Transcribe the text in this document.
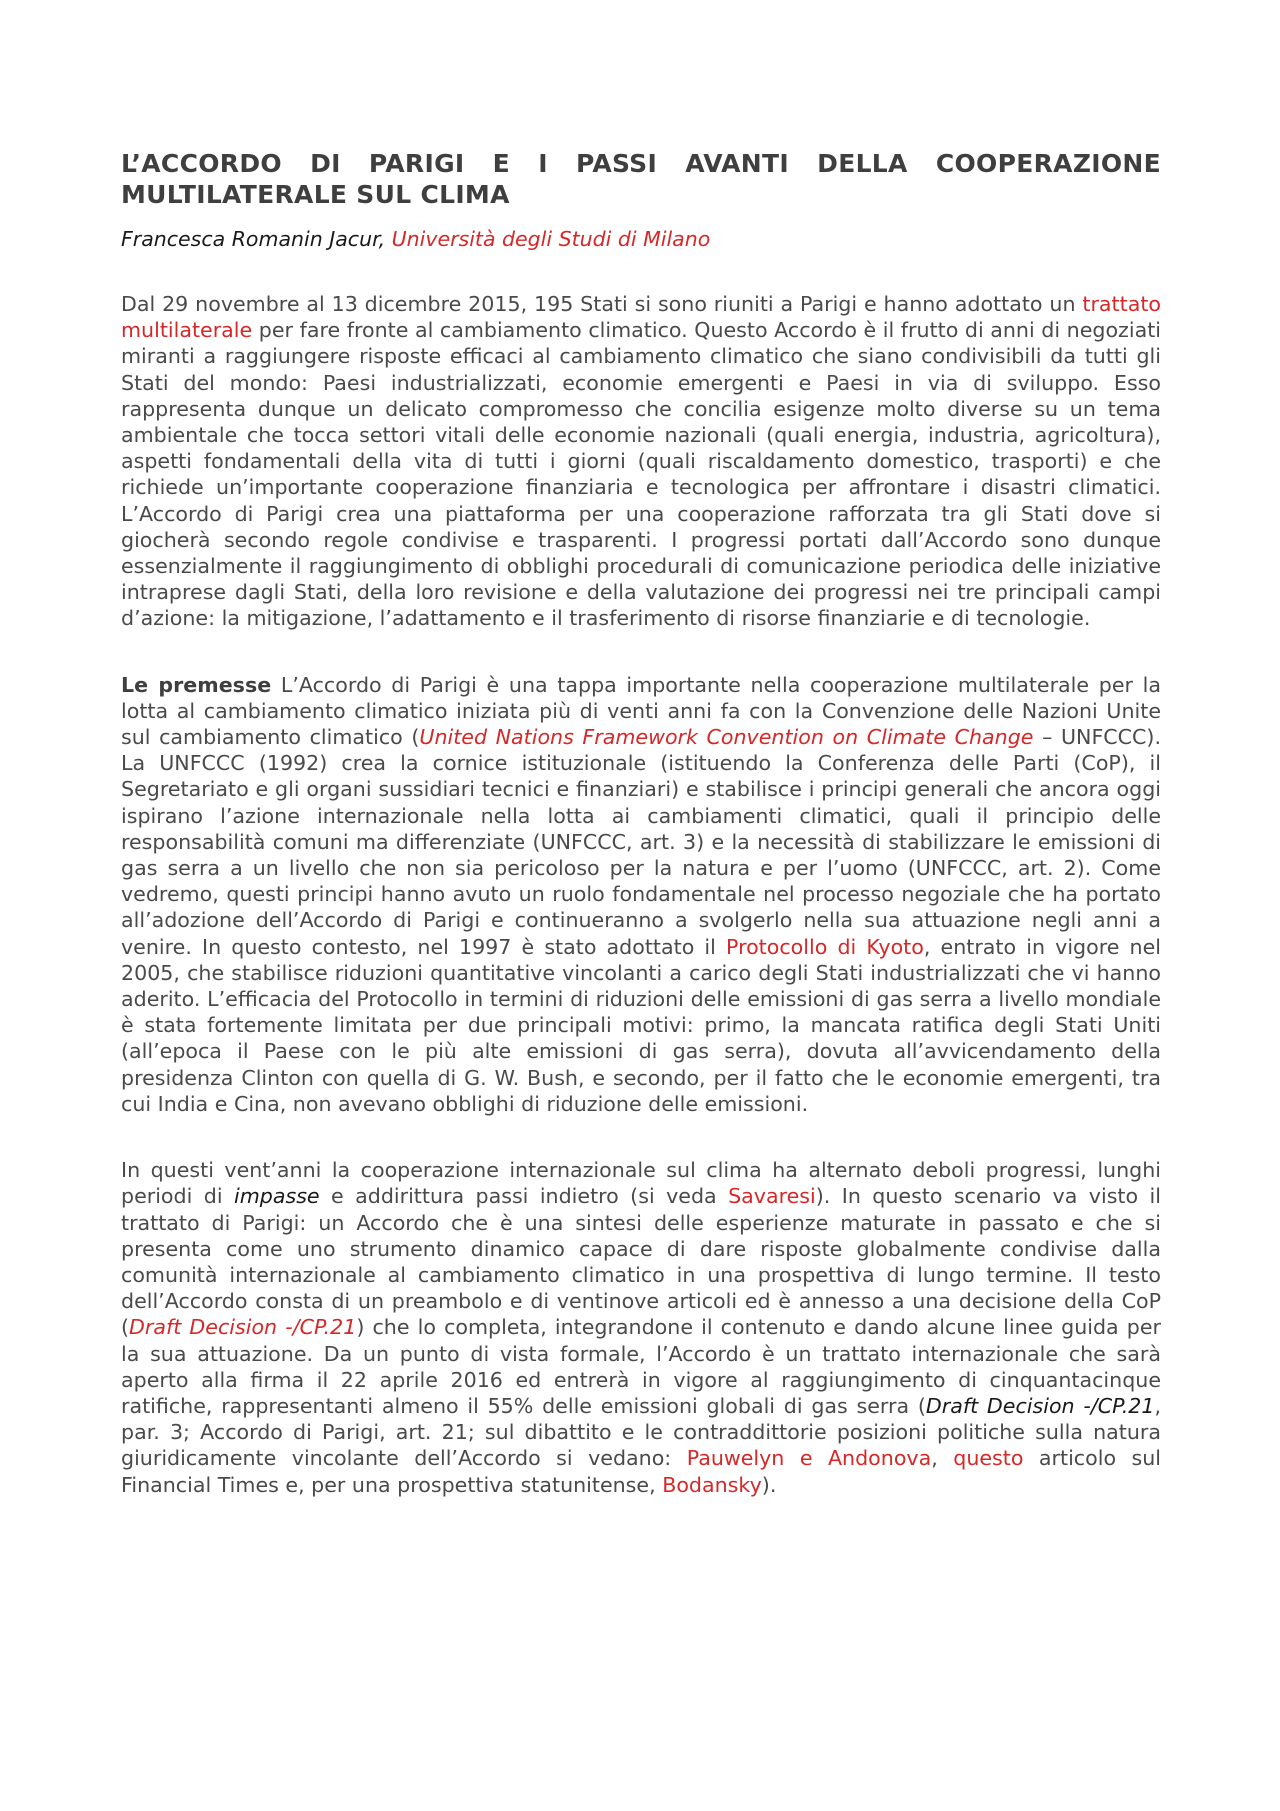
L’ACCORDO DI PARIGI E I PASSI AVANTI DELLA COOPERAZIONE MULTILATERALE SUL CLIMA
Francesca Romanin Jacur, Università degli Studi di Milano

Dal 29 novembre al 13 dicembre 2015, 195 Stati si sono riuniti a Parigi e hanno adottato un trattato multilaterale per fare fronte al cambiamento climatico. Questo Accordo è il frutto di anni di negoziati miranti a raggiungere risposte efficaci al cambiamento climatico che siano condivisibili da tutti gli Stati del mondo: Paesi industrializzati, economie emergenti e Paesi in via di sviluppo. Esso rappresenta dunque un delicato compromesso che concilia esigenze molto diverse su un tema ambientale che tocca settori vitali delle economie nazionali (quali energia, industria, agricoltura), aspetti fondamentali della vita di tutti i giorni (quali riscaldamento domestico, trasporti) e che richiede un’importante cooperazione finanziaria e tecnologica per affrontare i disastri climatici. L’Accordo di Parigi crea una piattaforma per una cooperazione rafforzata tra gli Stati dove si giocherà secondo regole condivise e trasparenti. I progressi portati dall’Accordo sono dunque essenzialmente il raggiungimento di obblighi procedurali di comunicazione periodica delle iniziative intraprese dagli Stati, della loro revisione e della valutazione dei progressi nei tre principali campi d’azione: la mitigazione, l’adattamento e il trasferimento di risorse finanziarie e di tecnologie.

Le premesse L’Accordo di Parigi è una tappa importante nella cooperazione multilaterale per la lotta al cambiamento climatico iniziata più di venti anni fa con la Convenzione delle Nazioni Unite sul cambiamento climatico (United Nations Framework Convention on Climate Change – UNFCCC). La UNFCCC (1992) crea la cornice istituzionale (istituendo la Conferenza delle Parti (CoP), il Segretariato e gli organi sussidiari tecnici e finanziari) e stabilisce i principi generali che ancora oggi ispirano l’azione internazionale nella lotta ai cambiamenti climatici, quali il principio delle responsabilità comuni ma differenziate (UNFCCC, art. 3) e la necessità di stabilizzare le emissioni di gas serra a un livello che non sia pericoloso per la natura e per l’uomo (UNFCCC, art. 2). Come vedremo, questi principi hanno avuto un ruolo fondamentale nel processo negoziale che ha portato all’adozione dell’Accordo di Parigi e continueranno a svolgerlo nella sua attuazione negli anni a venire. In questo contesto, nel 1997 è stato adottato il Protocollo di Kyoto, entrato in vigore nel 2005, che stabilisce riduzioni quantitative vincolanti a carico degli Stati industrializzati che vi hanno aderito. L’efficacia del Protocollo in termini di riduzioni delle emissioni di gas serra a livello mondiale è stata fortemente limitata per due principali motivi: primo, la mancata ratifica degli Stati Uniti (all’epoca il Paese con le più alte emissioni di gas serra), dovuta all’avvicendamento della presidenza Clinton con quella di G. W. Bush, e secondo, per il fatto che le economie emergenti, tra cui India e Cina, non avevano obblighi di riduzione delle emissioni.

In questi vent’anni la cooperazione internazionale sul clima ha alternato deboli progressi, lunghi periodi di impasse e addirittura passi indietro (si veda Savaresi). In questo scenario va visto il trattato di Parigi: un Accordo che è una sintesi delle esperienze maturate in passato e che si presenta come uno strumento dinamico capace di dare risposte globalmente condivise dalla comunità internazionale al cambiamento climatico in una prospettiva di lungo termine. Il testo dell’Accordo consta di un preambolo e di ventinove articoli ed è annesso a una decisione della CoP (Draft Decision -/CP.21) che lo completa, integrandone il contenuto e dando alcune linee guida per la sua attuazione. Da un punto di vista formale, l’Accordo è un trattato internazionale che sarà aperto alla firma il 22 aprile 2016 ed entrerà in vigore al raggiungimento di cinquantacinque ratifiche, rappresentanti almeno il 55% delle emissioni globali di gas serra (Draft Decision -/CP.21, par. 3; Accordo di Parigi, art. 21; sul dibattito e le contraddittorie posizioni politiche sulla natura giuridicamente vincolante dell’Accordo si vedano: Pauwelyn e Andonova, questo articolo sul Financial Times e, per una prospettiva statunitense, Bodansky).
